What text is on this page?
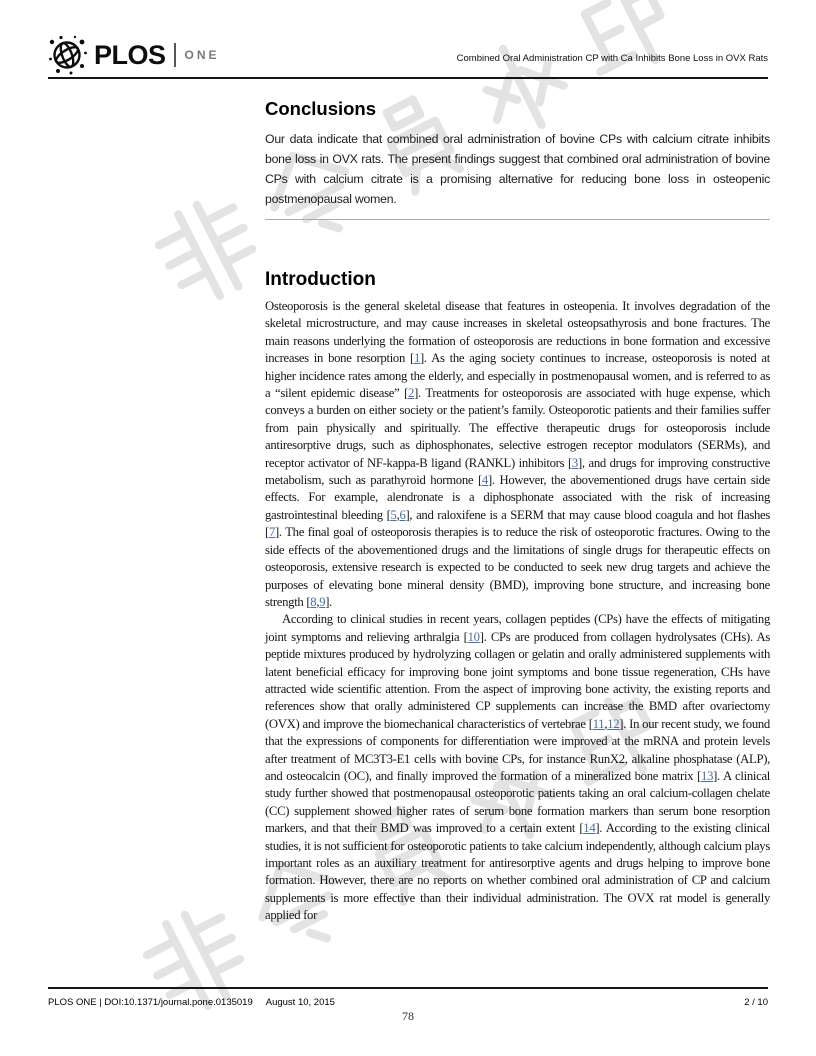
PLOS ONE	Combined Oral Administration CP with Ca Inhibits Bone Loss in OVX Rats
Conclusions

Our data indicate that combined oral administration of bovine CPs with calcium citrate inhibits bone loss in OVX rats. The present findings suggest that combined oral administration of bovine CPs with calcium citrate is a promising alternative for reducing bone loss in osteopenic postmenopausal women.

Introduction

Osteoporosis is the general skeletal disease that features in osteopenia. It involves degradation of the skeletal microstructure, and may cause increases in skeletal osteopsathyrosis and bone fractures. The main reasons underlying the formation of osteoporosis are reductions in bone formation and excessive increases in bone resorption [1]. As the aging society continues to increase, osteoporosis is noted at higher incidence rates among the elderly, and especially in postmenopausal women, and is referred to as a “silent epidemic disease” [2]. Treatments for osteoporosis are associated with huge expense, which conveys a burden on either society or the patient’s family. Osteoporotic patients and their families suffer from pain physically and spiritually. The effective therapeutic drugs for osteoporosis include antiresorptive drugs, such as diphosphonates, selective estrogen receptor modulators (SERMs), and receptor activator of NF-kappa-B ligand (RANKL) inhibitors [3], and drugs for improving constructive metabolism, such as parathyroid hormone [4]. However, the abovementioned drugs have certain side effects. For example, alendronate is a diphosphonate associated with the risk of increasing gastrointestinal bleeding [5,6], and raloxifene is a SERM that may cause blood coagula and hot flashes [7]. The final goal of osteoporosis therapies is to reduce the risk of osteoporotic fractures. Owing to the side effects of the abovementioned drugs and the limitations of single drugs for therapeutic effects on osteoporosis, extensive research is expected to be conducted to seek new drug targets and achieve the purposes of elevating bone mineral density (BMD), improving bone structure, and increasing bone strength [8,9].

According to clinical studies in recent years, collagen peptides (CPs) have the effects of mitigating joint symptoms and relieving arthralgia [10]. CPs are produced from collagen hydrolysates (CHs). As peptide mixtures produced by hydrolyzing collagen or gelatin and orally administered supplements with latent beneficial efficacy for improving bone joint symptoms and bone tissue regeneration, CHs have attracted wide scientific attention. From the aspect of improving bone activity, the existing reports and references show that orally administered CP supplements can increase the BMD after ovariectomy (OVX) and improve the biomechanical characteristics of vertebrae [11,12]. In our recent study, we found that the expressions of components for differentiation were improved at the mRNA and protein levels after treatment of MC3T3-E1 cells with bovine CPs, for instance RunX2, alkaline phosphatase (ALP), and osteocalcin (OC), and finally improved the formation of a mineralized bone matrix [13]. A clinical study further showed that postmenopausal osteoporotic patients taking an oral calcium-collagen chelate (CC) supplement showed higher rates of serum bone formation markers than serum bone resorption markers, and that their BMD was improved to a certain extent [14]. According to the existing clinical studies, it is not sufficient for osteoporotic patients to take calcium independently, although calcium plays important roles as an auxiliary treatment for antiresorptive agents and drugs helping to improve bone formation. However, there are no reports on whether combined oral administration of CP and calcium supplements is more effective than their individual administration. The OVX rat model is generally applied for

PLOS ONE | DOI:10.1371/journal.pone.0135019 August 10, 2015	2 / 10
78
